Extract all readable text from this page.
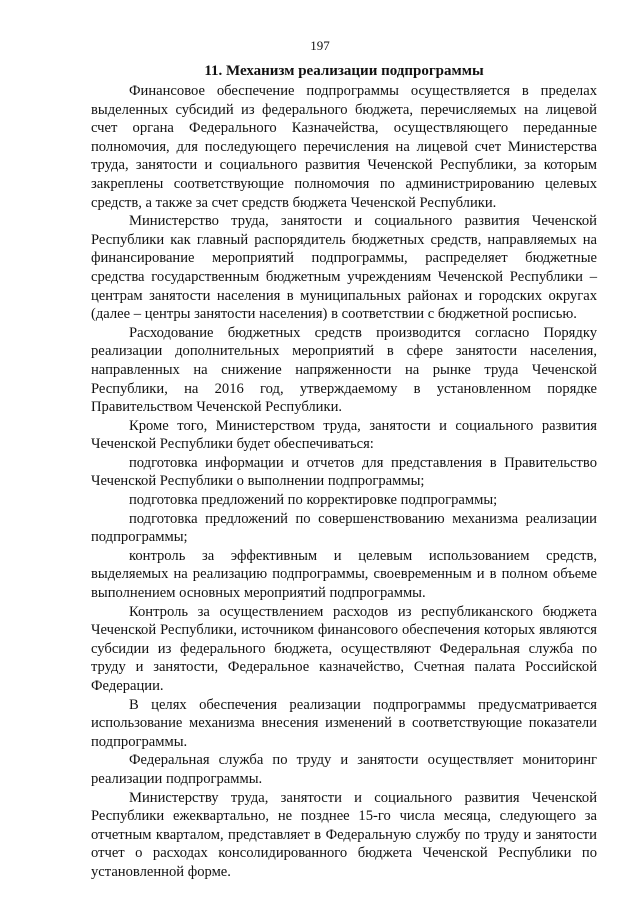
197
11. Механизм реализации подпрограммы

Финансовое обеспечение подпрограммы осуществляется в пределах выделенных субсидий из федерального бюджета, перечисляемых на лицевой счет органа Федерального Казначейства, осуществляющего переданные полномочия, для последующего перечисления на лицевой счет Министерства труда, занятости и социального развития Чеченской Республики, за которым закреплены соответствующие полномочия по администрированию целевых средств, а также за счет средств бюджета Чеченской Республики.

Министерство труда, занятости и социального развития Чеченской Республики как главный распорядитель бюджетных средств, направляемых на финансирование мероприятий подпрограммы, распределяет бюджетные средства государственным бюджетным учреждениям Чеченской Республики – центрам занятости населения в муниципальных районах и городских округах (далее – центры занятости населения) в соответствии с бюджетной росписью.

Расходование бюджетных средств производится согласно Порядку реализации дополнительных мероприятий в сфере занятости населения, направленных на снижение напряженности на рынке труда Чеченской Республики, на 2016 год, утверждаемому в установленном порядке Правительством Чеченской Республики.

Кроме того, Министерством труда, занятости и социального развития Чеченской Республики будет обеспечиваться:

подготовка информации и отчетов для представления в Правительство Чеченской Республики о выполнении подпрограммы;

подготовка предложений по корректировке подпрограммы;

подготовка предложений по совершенствованию механизма реализации подпрограммы;

контроль за эффективным и целевым использованием средств, выделяемых на реализацию подпрограммы, своевременным и в полном объеме выполнением основных мероприятий подпрограммы.

Контроль за осуществлением расходов из республиканского бюджета Чеченской Республики, источником финансового обеспечения которых являются субсидии из федерального бюджета, осуществляют Федеральная служба по труду и занятости, Федеральное казначейство, Счетная палата Российской Федерации.

В целях обеспечения реализации подпрограммы предусматривается использование механизма внесения изменений в соответствующие показатели подпрограммы.

Федеральная служба по труду и занятости осуществляет мониторинг реализации подпрограммы.

Министерству труда, занятости и социального развития Чеченской Республики ежеквартально, не позднее 15-го числа месяца, следующего за отчетным кварталом, представляет в Федеральную службу по труду и занятости отчет о расходах консолидированного бюджета Чеченской Республики по установленной форме.
